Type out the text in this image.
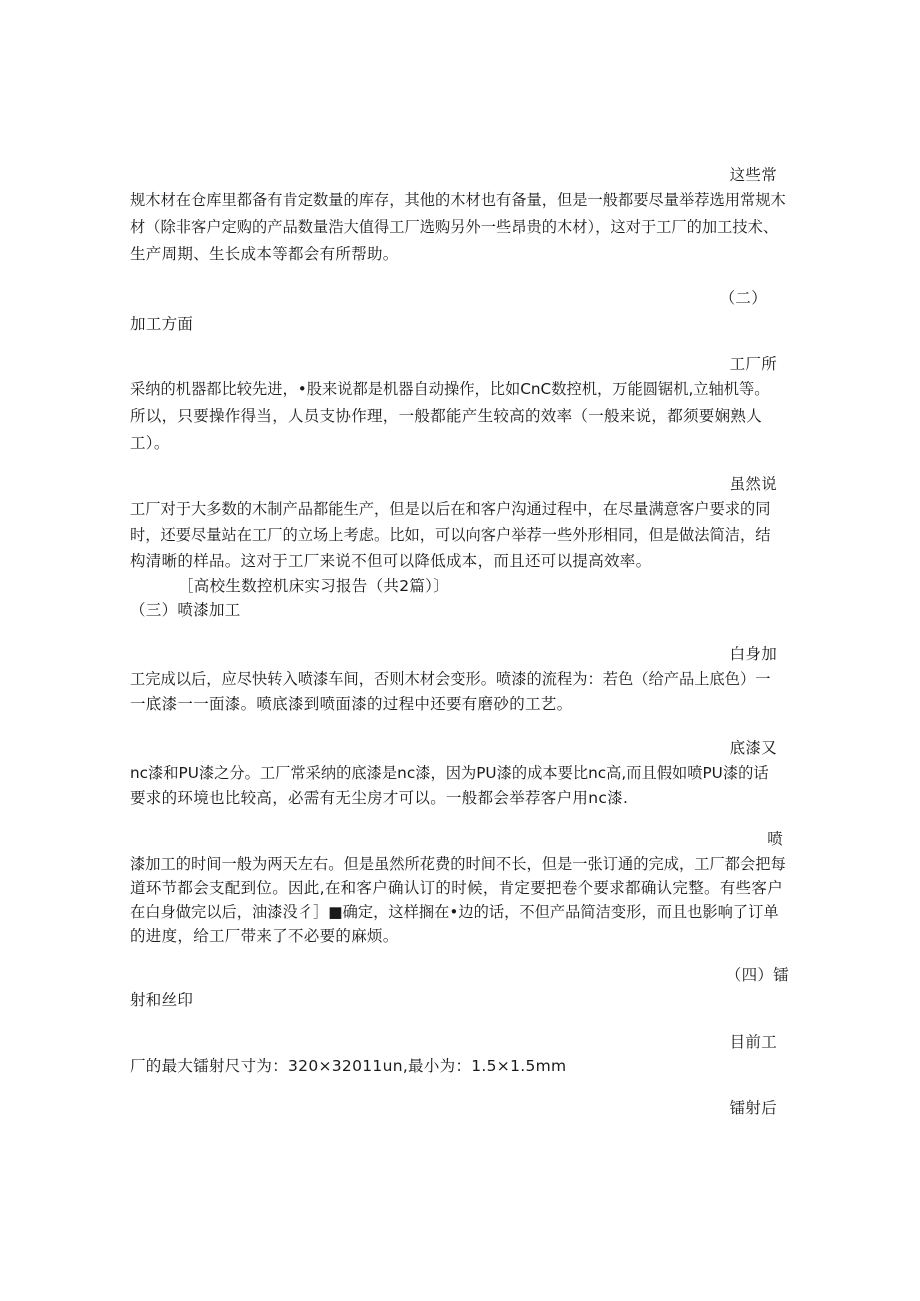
这些常
规木材在仓库里都备有肯定数量的库存，其他的木材也有备量，但是一般都要尽量举荐选用常规木
材（除非客户定购的产品数量浩大值得工厂选购另外一些昂贵的木材），这对于工厂的加工技术、
生产周期、生长成本等都会有所帮助。
（二）
加工方面
工厂所
采纳的机器都比较先进，•股来说都是机器自动操作，比如CnC数控机，万能圆锯机,立轴机等。
所以，只要操作得当，人员支协作理，一般都能产生较高的效率（一般来说，都须要娴熟人
工）。
虽然说
工厂对于大多数的木制产品都能生产，但是以后在和客户沟通过程中，在尽量满意客户要求的同
时，还要尽量站在工厂的立场上考虑。比如，可以向客户举荐一些外形相同，但是做法简洁，结
构清晰的样品。这对于工厂来说不但可以降低成本，而且还可以提高效率。
［高校生数控机床实习报告（共2篇）〕
（三）喷漆加工
白身加
工完成以后，应尽快转入喷漆车间，否则木材会变形。喷漆的流程为：若色（给产品上底色）一
一底漆一一面漆。喷底漆到喷面漆的过程中还要有磨砂的工艺。
底漆又
nc漆和PU漆之分。工厂常采纳的底漆是nc漆，因为PU漆的成本要比nc高,而且假如喷PU漆的话
要求的环境也比较高，必需有无尘房才可以。一般都会举荐客户用nc漆.
喷
漆加工的时间一般为两天左右。但是虽然所花费的时间不长，但是一张订通的完成，工厂都会把每
道环节都会支配到位。因此,在和客户确认订的时候，肯定要把卷个要求都确认完整。有些客户
在白身做完以后，油漆没彳］■确定，这样搁在•边的话，不但产品简洁变形，而且也影响了订单
的进度，给工厂带来了不必要的麻烦。
（四）镭
射和丝印
目前工
厂的最大镭射尺寸为：320×32011un,最小为：1.5×1.5mm
镭射后
